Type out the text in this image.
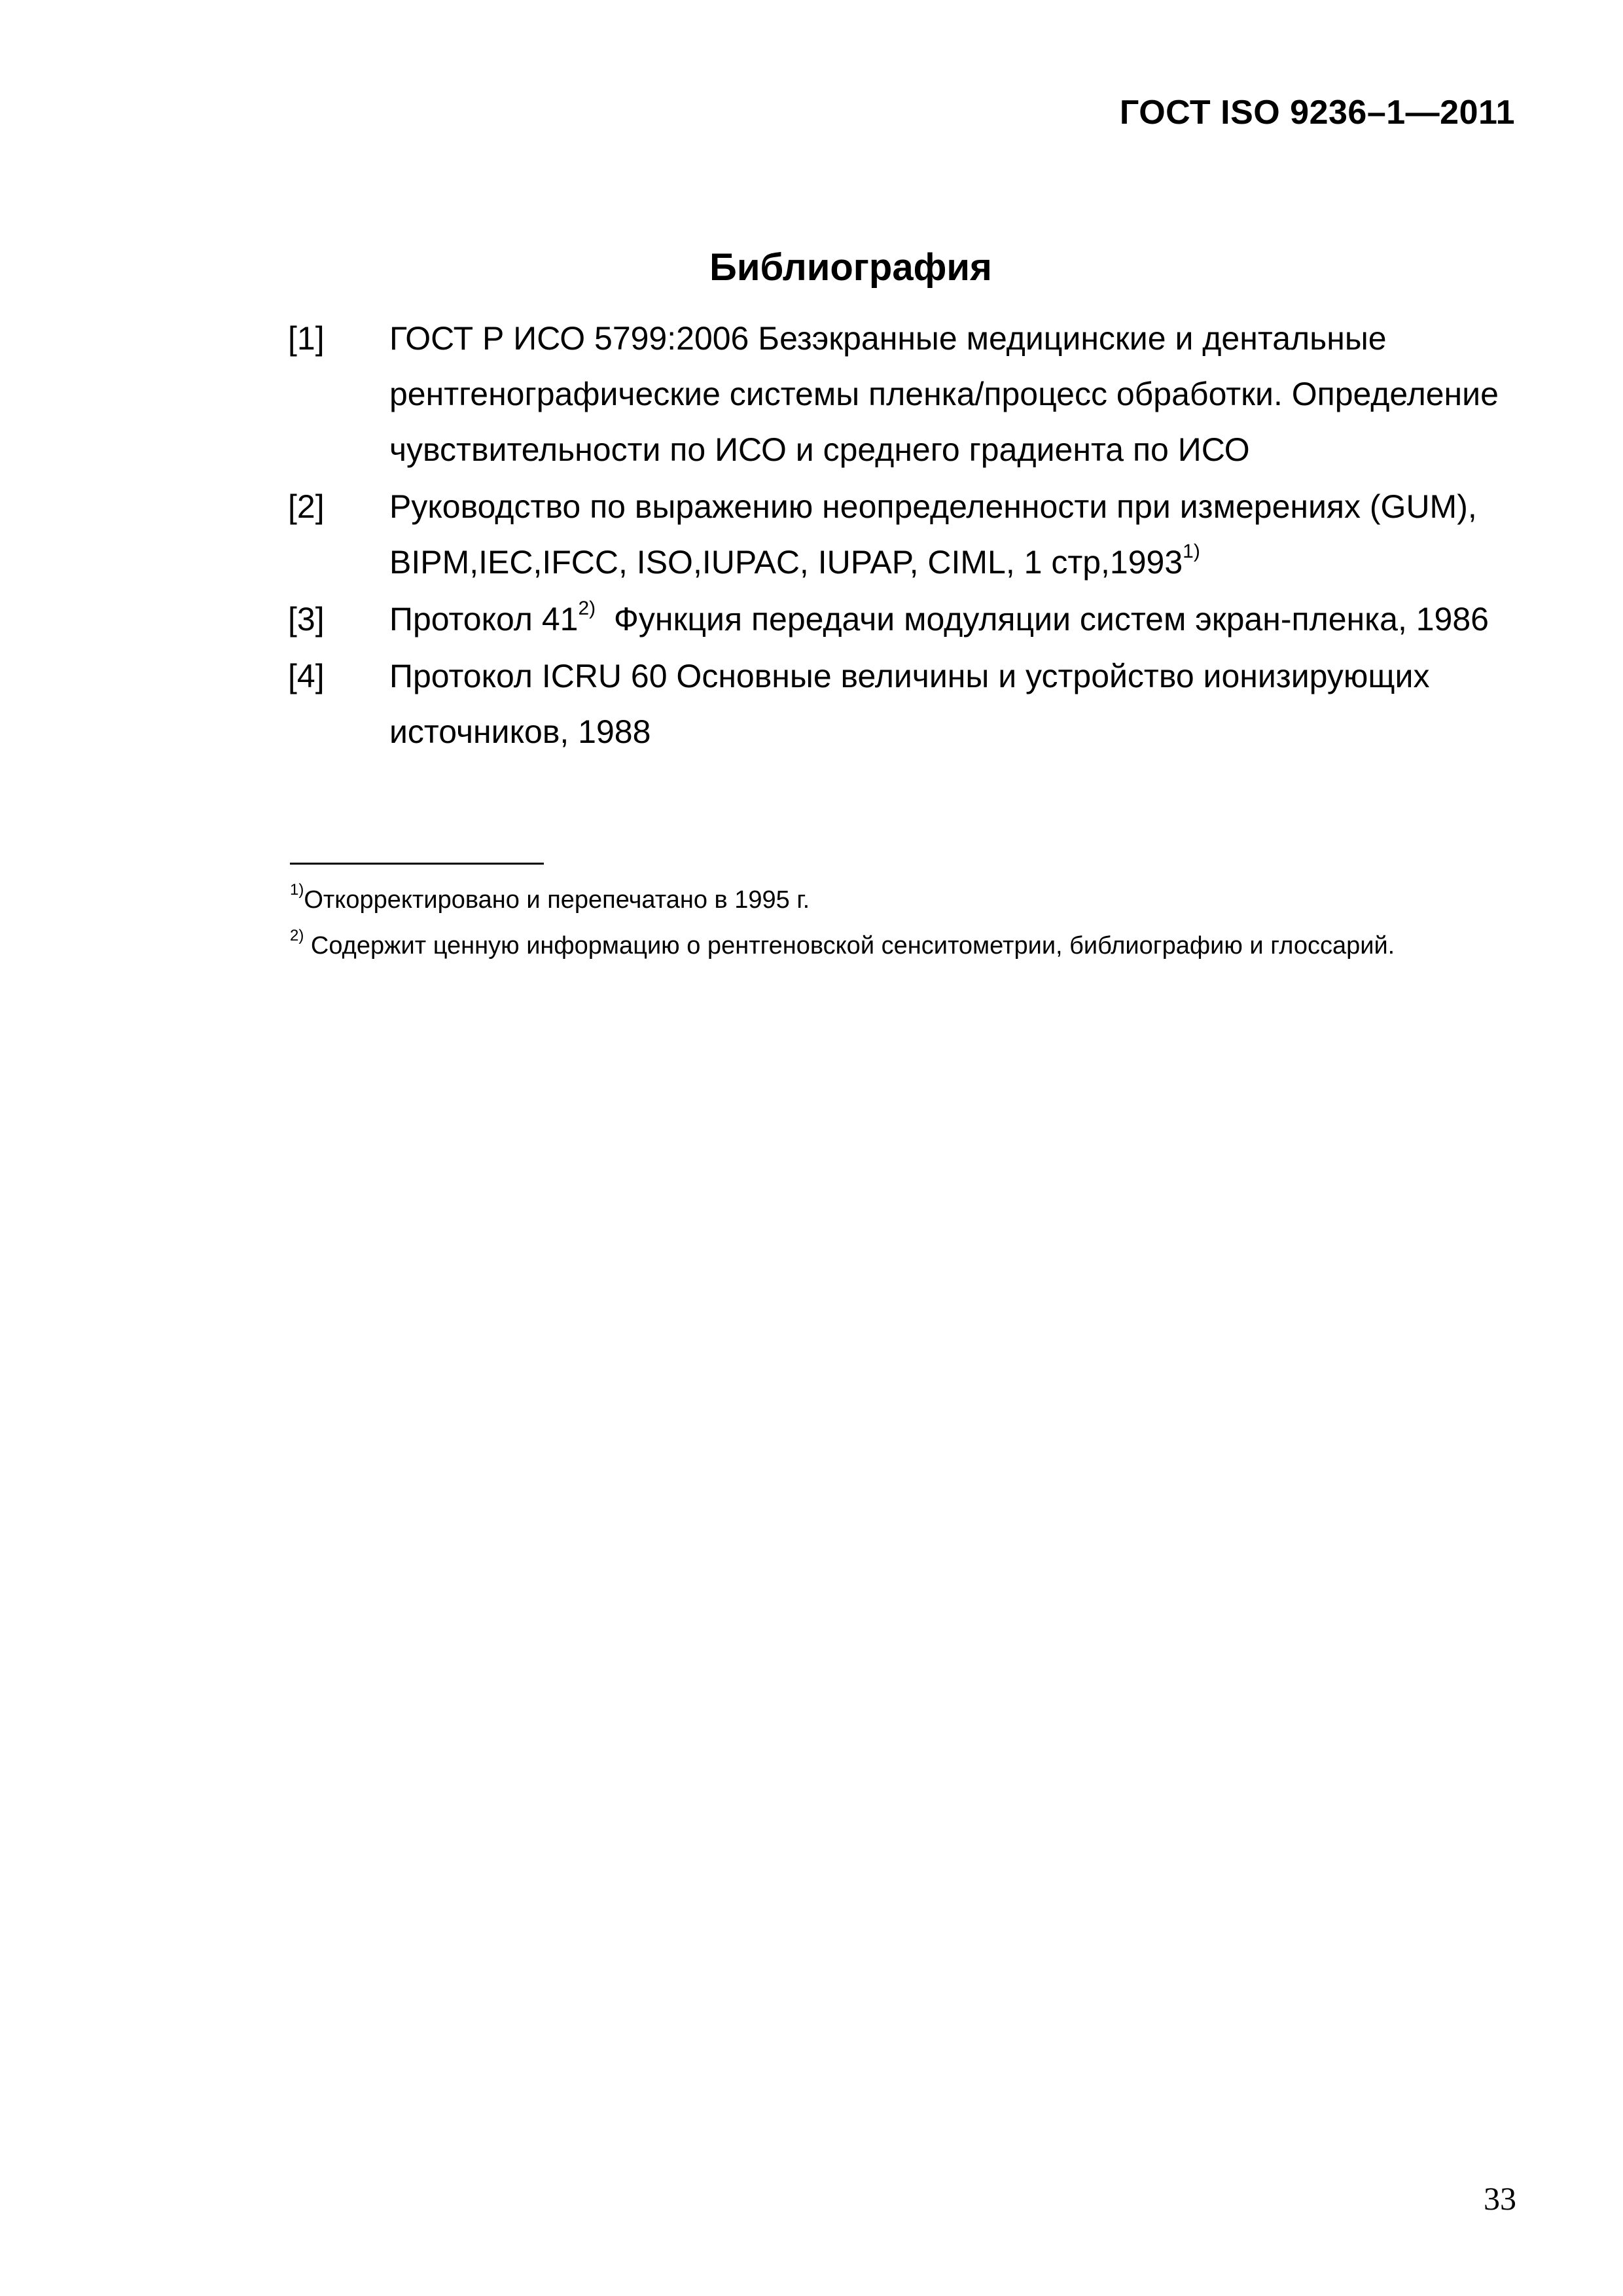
ГОСТ ISO 9236–1—2011
Библиография
[1]	ГОСТ Р ИСО 5799:2006 Безэкранные медицинские и дентальные рентгенографические системы пленка/процесс обработки. Определение чувствительности по ИСО и среднего градиента по ИСО
[2]	Руководство по выражению неопределенности при измерениях (GUM), BIPM,IEC,IFCC, ISO,IUPAC, IUPAP, CIML, 1 стр,1993$^{1)}$
[3]	Протокол 41$^{2)}$  Функция передачи модуляции систем экран-пленка, 1986
[4]	Протокол ICRU 60 Основные величины и устройство ионизирующих источников, 1988
$^{1)}$Откорректировано и перепечатано в 1995 г.
$^{2)}$ Содержит ценную информацию о рентгеновской сенситометрии, библиографию и глоссарий.
33
